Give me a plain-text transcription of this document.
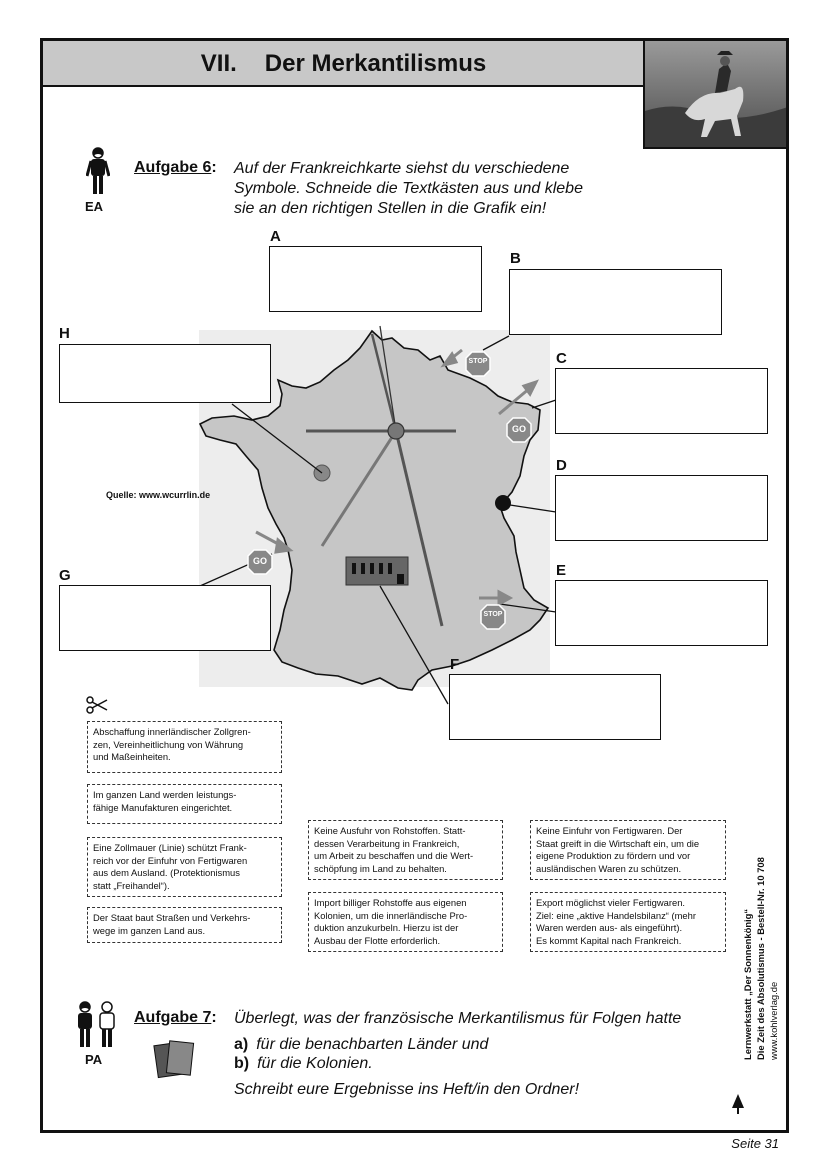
VII. Der Merkantilismus
EA
Aufgabe 6: Auf der Frankreichkarte siehst du verschiedene
Symbole. Schneide die Textkästen aus und klebe
sie an den richtigen Stellen in die Grafik ein!
STOP
STOP
GO
GO
Quelle: www.wcurrlin.de
A
B
H
C
D
E
G
F
Abschaffung innerländischer Zollgren-
zen, Vereinheitlichung von Währung
und Maßeinheiten.
Im ganzen Land werden leistungs-
fähige Manufakturen eingerichtet.
Eine Zollmauer (Linie) schützt Frank-
reich vor der Einfuhr von Fertigwaren
aus dem Ausland. (Protektionismus
statt „Freihandel“).
Der Staat baut Straßen und Verkehrs-
wege im ganzen Land aus.
Keine Ausfuhr von Rohstoffen. Statt-
dessen Verarbeitung in Frankreich,
um Arbeit zu beschaffen und die Wert-
schöpfung im Land zu behalten.
Import billiger Rohstoffe aus eigenen
Kolonien, um die innerländische Pro-
duktion anzukurbeln. Hierzu ist der
Ausbau der Flotte erforderlich.
Keine Einfuhr von Fertigwaren. Der
Staat greift in die Wirtschaft ein, um die
eigene Produktion zu fördern und vor
ausländischen Waren zu schützen.
Export möglichst vieler Fertigwaren.
Ziel: eine „aktive Handelsbilanz“ (mehr
Waren werden aus- als eingeführt).
Es kommt Kapital nach Frankreich.	Lernwerkstatt „Der Sonnenkönig“ Die Zeit des Absolutismus - Bestell-Nr. 10 708 www.kohlverlag.de
PA
Aufgabe 7: Überlegt, was der französische Merkantilismus für Folgen hatte
a) für die benachbarten Länder und
b) für die Kolonien.
Schreibt eure Ergebnisse ins Heft/in den Ordner!
Seite 31
